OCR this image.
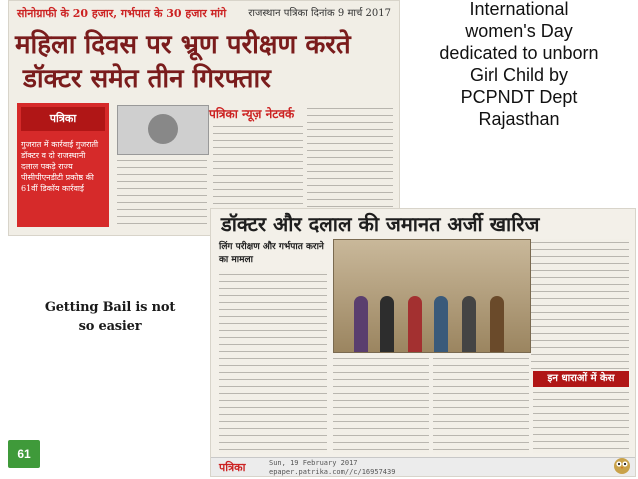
सोनोग्राफी के 20 हजार, गर्भपात के 30 हजार मांगे राजस्थान पत्रिका दिनांक 9 मार्च 2017
महिला दिवस पर भ्रूण परीक्षण करते
डॉक्टर समेत तीन गिरफ्तार
पत्रिका
गुजरात में कार्रवाई गुजराती डॉक्टर व दो राजस्थानी दलाल पकड़े राज्य पीसीपीएनडीटी प्रकोष्ठ की 61वीं डिकॉय कार्रवाई
पत्रिका न्यूज़ नेटवर्क
डॉक्टर और दलाल की जमानत अर्जी खारिज
लिंग परीक्षण और गर्भपात कराने का मामला
इन धाराओं में केस
पत्रिका	Sun, 19 February 2017
epaper.patrika.com//c/16957439
International
women's Day
dedicated to unborn
Girl Child by
PCPNDT Dept
Rajasthan
Getting Bail is not
so easier
61
